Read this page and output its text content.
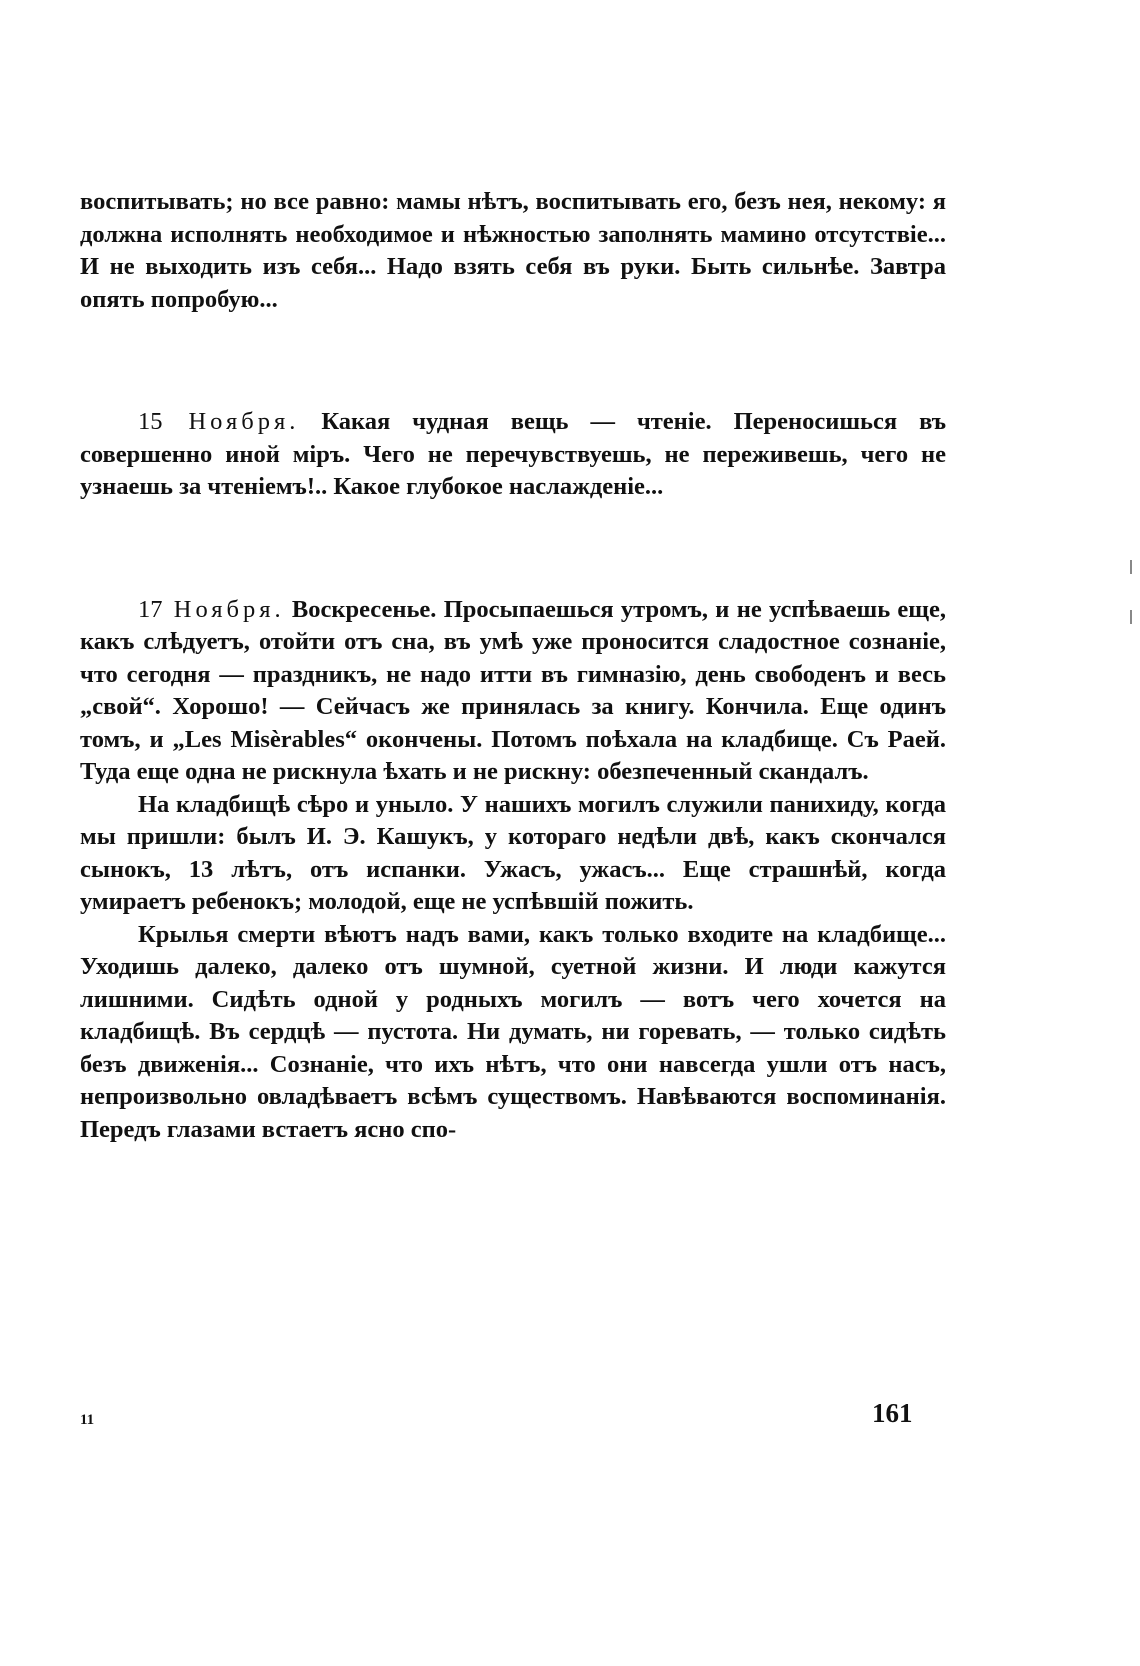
воспитывать; но все равно: мамы нѣтъ, воспитывать его, безъ нея, некому: я должна исполнять необходимое и нѣжностью заполнять мамино отсутствіе... И не выходить изъ себя... Надо взять себя въ руки. Быть сильнѣе. Завтра опять попробую...

15 Ноября. Какая чудная вещь — чтеніе. Переносишься въ совершенно иной міръ. Чего не перечувствуешь, не переживешь, чего не узнаешь за чтеніемъ!.. Какое глубокое наслажденіе...

17 Ноября. Воскресенье. Просыпаешься утромъ, и не успѣваешь еще, какъ слѣдуетъ, отойти отъ сна, въ умѣ уже проносится сладостное сознаніе, что сегодня — праздникъ, не надо итти въ гимназію, день свободенъ и весь „свой“. Хорошо! — Сейчасъ же принялась за книгу. Кончила. Еще одинъ томъ, и „Les Misèrables“ окончены. Потомъ поѣхала на кладбище. Съ Раей. Туда еще одна не рискнула ѣхать и не рискну: обезпеченный скандалъ.

На кладбищѣ сѣро и уныло. У нашихъ могилъ служили панихиду, когда мы пришли: былъ И. Э. Кашукъ, у котораго недѣли двѣ, какъ скончался сынокъ, 13 лѣтъ, отъ испанки. Ужасъ, ужасъ... Еще страшнѣй, когда умираетъ ребенокъ; молодой, еще не успѣвшій пожить.

Крылья смерти вѣютъ надъ вами, какъ только входите на кладбище... Уходишь далеко, далеко отъ шумной, суетной жизни. И люди кажутся лишними. Сидѣть одной у родныхъ могилъ — вотъ чего хочется на кладбищѣ. Въ сердцѣ — пустота. Ни думать, ни горевать, — только сидѣть безъ движенія... Сознаніе, что ихъ нѣтъ, что они навсегда ушли отъ насъ, непроизвольно овладѣваетъ всѣмъ существомъ. Навѣваются воспоминанія. Передъ глазами встаетъ ясно спо-

11	161
